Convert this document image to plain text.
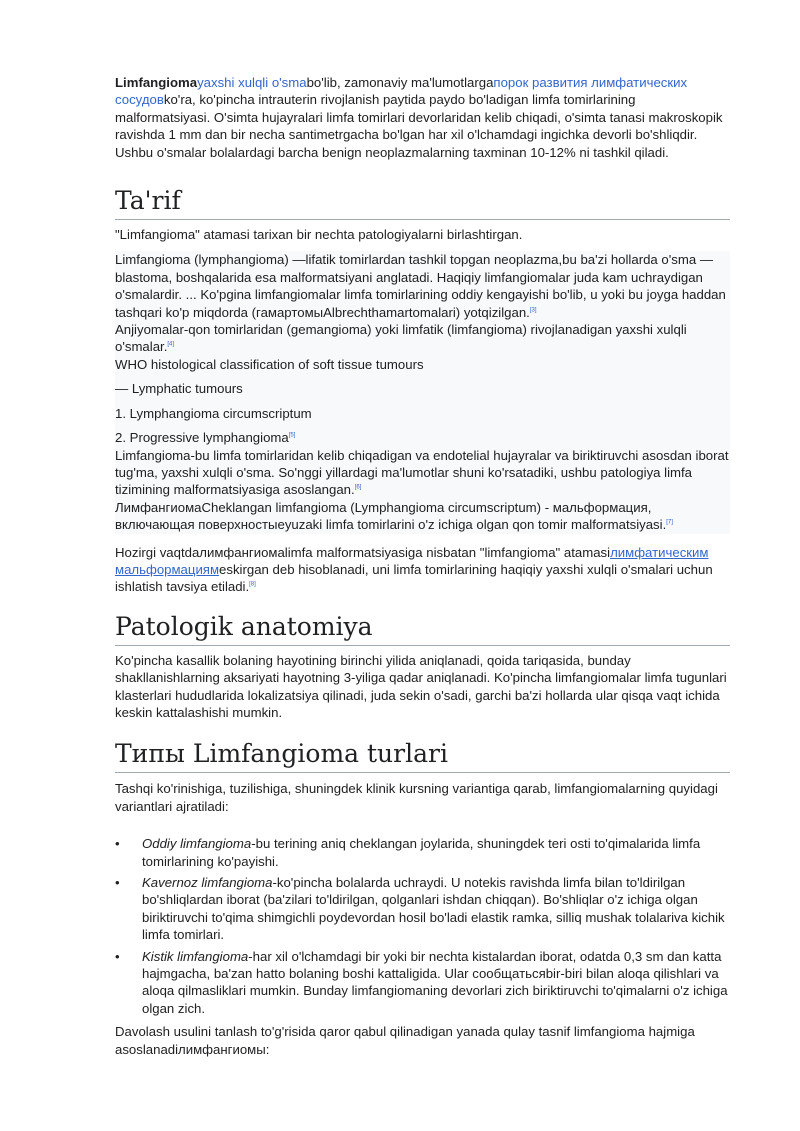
Limfangiomayaxshi xulqli o'smabo'lib, zamonaviy ma'lumotlargaпорок развития лимфатических сосудовko'ra, ko'pincha intrauterin rivojlanish paytida paydo bo'ladigan limfa tomirlarining malformatsiyasi. O'simta hujayralari limfa tomirlari devorlaridan kelib chiqadi, o'simta tanasi makroskopik ravishda 1 mm dan bir necha santimetrgacha bo'lgan har xil o'lchamdagi ingichka devorli bo'shliqdir. Ushbu o'smalar bolalardagi barcha benign neoplazmalarning taxminan 10-12% ni tashkil qiladi.

Ta'rif

"Limfangioma" atamasi tarixan bir nechta patologiyalarni birlashtirgan.

Limfangioma (lymphangioma) —lifatik tomirlardan tashkil topgan neoplazma,bu ba'zi hollarda o'sma — blastoma, boshqalarida esa malformatsiyani anglatadi. Haqiqiy limfangiomalar juda kam uchraydigan o'smalardir. ... Ko'pgina limfangiomalar limfa tomirlarining oddiy kengayishi bo'lib, u yoki bu joyga haddan tashqari ko'p miqdorda (гамартомыAlbrechthamartomalari) yotqizilgan.[3]

Anjiyomalar-qon tomirlaridan (gemangioma) yoki limfatik (limfangioma) rivojlanadigan yaxshi xulqli o'smalar.[4]

WHO histological classification of soft tissue tumours

— Lymphatic tumours

1. Lymphangioma circumscriptum

2. Progressive lymphangioma[5]

Limfangioma-bu limfa tomirlaridan kelib chiqadigan va endotelial hujayralar va biriktiruvchi asosdan iborat tug'ma, yaxshi xulqli o'sma. So'nggi yillardagi ma'lumotlar shuni ko'rsatadiki, ushbu patologiya limfa tizimining malformatsiyasiga asoslangan.[6]

ЛимфангиомаCheklangan limfangioma (Lymphangioma circumscriptum) - мальформация, включающая поверхностыeyuzaki limfa tomirlarini o'z ichiga olgan qon tomir malformatsiyasi.[7]

Hozirgi vaqtdaлимфангиомаlimfa malformatsiyasiga nisbatan "limfangioma" atamasiлимфатическим мальформациямeskirgan deb hisoblanadi, uni limfa tomirlarining haqiqiy yaxshi xulqli o'smalari uchun ishlatish tavsiya etiladi.[8]

Patologik anatomiya

Ko'pincha kasallik bolaning hayotining birinchi yilida aniqlanadi, qoida tariqasida, bunday shakllanishlarning aksariyati hayotning 3-yiliga qadar aniqlanadi. Ko'pincha limfangiomalar limfa tugunlari klasterlari hududlarida lokalizatsiya qilinadi, juda sekin o'sadi, garchi ba'zi hollarda ular qisqa vaqt ichida keskin kattalashishi mumkin.

Типы Limfangioma turlari

Tashqi ko'rinishiga, tuzilishiga, shuningdek klinik kursning variantiga qarab, limfangiomalarning quyidagi variantlari ajratiladi:

• Oddiy limfangioma-bu terining aniq cheklangan joylarida, shuningdek teri osti to'qimalarida limfa tomirlarining ko'payishi.
• Kavernoz limfangioma-ko'pincha bolalarda uchraydi. U notekis ravishda limfa bilan to'ldirilgan bo'shliqlardan iborat (ba'zilari to'ldirilgan, qolganlari ishdan chiqqan). Bo'shliqlar o'z ichiga olgan biriktiruvchi to'qima shimgichli poydevordan hosil bo'ladi elastik ramka, silliq mushak tolalariva kichik limfa tomirlari.
• Kistik limfangioma-har xil o'lchamdagi bir yoki bir nechta kistalardan iborat, odatda 0,3 sm dan katta hajmgacha, ba'zan hatto bolaning boshi kattaligida. Ular сообщатьсяbir-biri bilan aloqa qilishlari va aloqa qilmasliklari mumkin. Bunday limfangiomaning devorlari zich biriktiruvchi to'qimalarni o'z ichiga olgan zich.

Davolash usulini tanlash to'g'risida qaror qabul qilinadigan yanada qulay tasnif limfangioma hajmiga asoslanadiлимфангиомы:
